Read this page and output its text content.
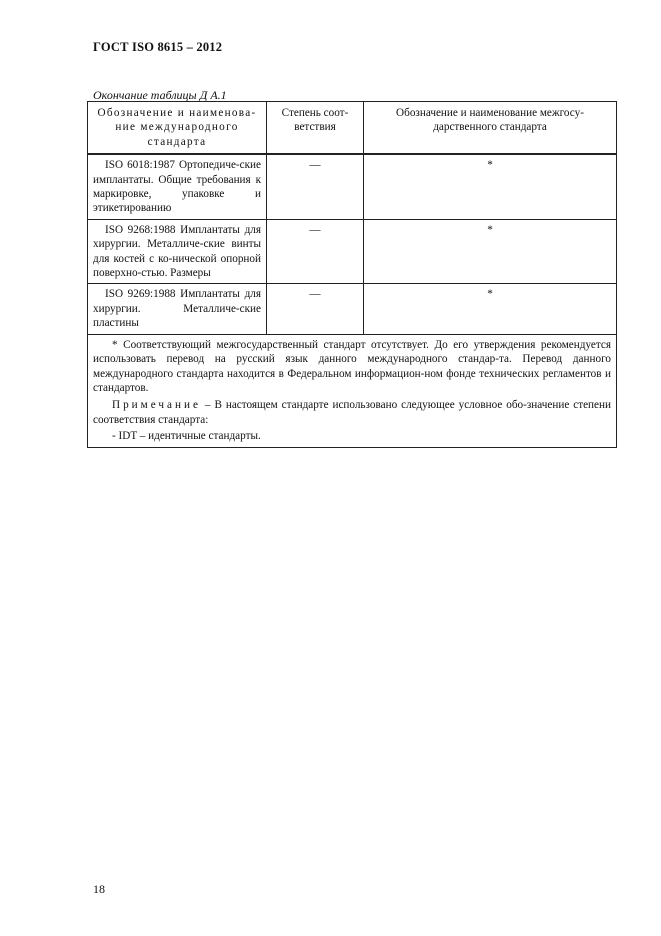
ГОСТ ISO 8615 – 2012
Окончание таблицы Д А.1
Обозначение и наименова-ние международного стандарта	Степень соот-ветствия	Обозначение и наименование межгосу-дарственного стандарта

ISO 6018:1987 Ортопедиче-ские имплантаты. Общие требования к маркировке, упаковке и этикетированию	—	*

ISO 9268:1988 Имплантаты для хирургии. Металличе-ские винты для костей с ко-нической опорной поверхно-стью. Размеры	—	*

ISO 9269:1988 Имплантаты для хирургии. Металличе-ские пластины	—	*

* Соответствующий межгосударственный стандарт отсутствует. До его утверждения рекомендуется использовать перевод на русский язык данного международного стандар-та. Перевод данного международного стандарта находится в Федеральном информацион-ном фонде технических регламентов и стандартов.

Примечание – В настоящем стандарте использовано следующее условное обо-значение степени соответствия стандарта:

- IDT – идентичные стандарты.		

18
